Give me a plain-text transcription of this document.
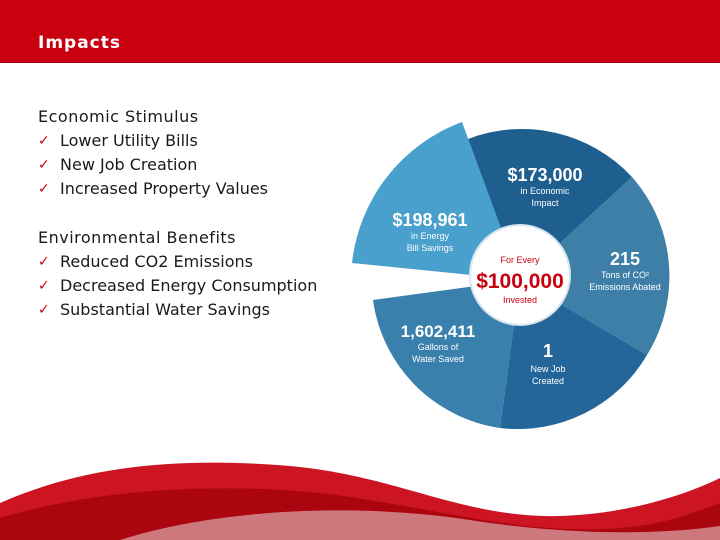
Impacts
Economic Stimulus
✓ Lower Utility Bills
✓ New Job Creation
✓ Increased Property Values
Environmental Benefits
✓ Reduced CO2 Emissions
✓ Decreased Energy Consumption
✓ Substantial Water Savings
For Every
$100,000
Invested
$173,000
in Economic
Impact
215
Tons of CO²
Emissions Abated
1
New Job
Created
1,602,411
Gallons of
Water Saved
$198,961
in Energy
Bill Savings
